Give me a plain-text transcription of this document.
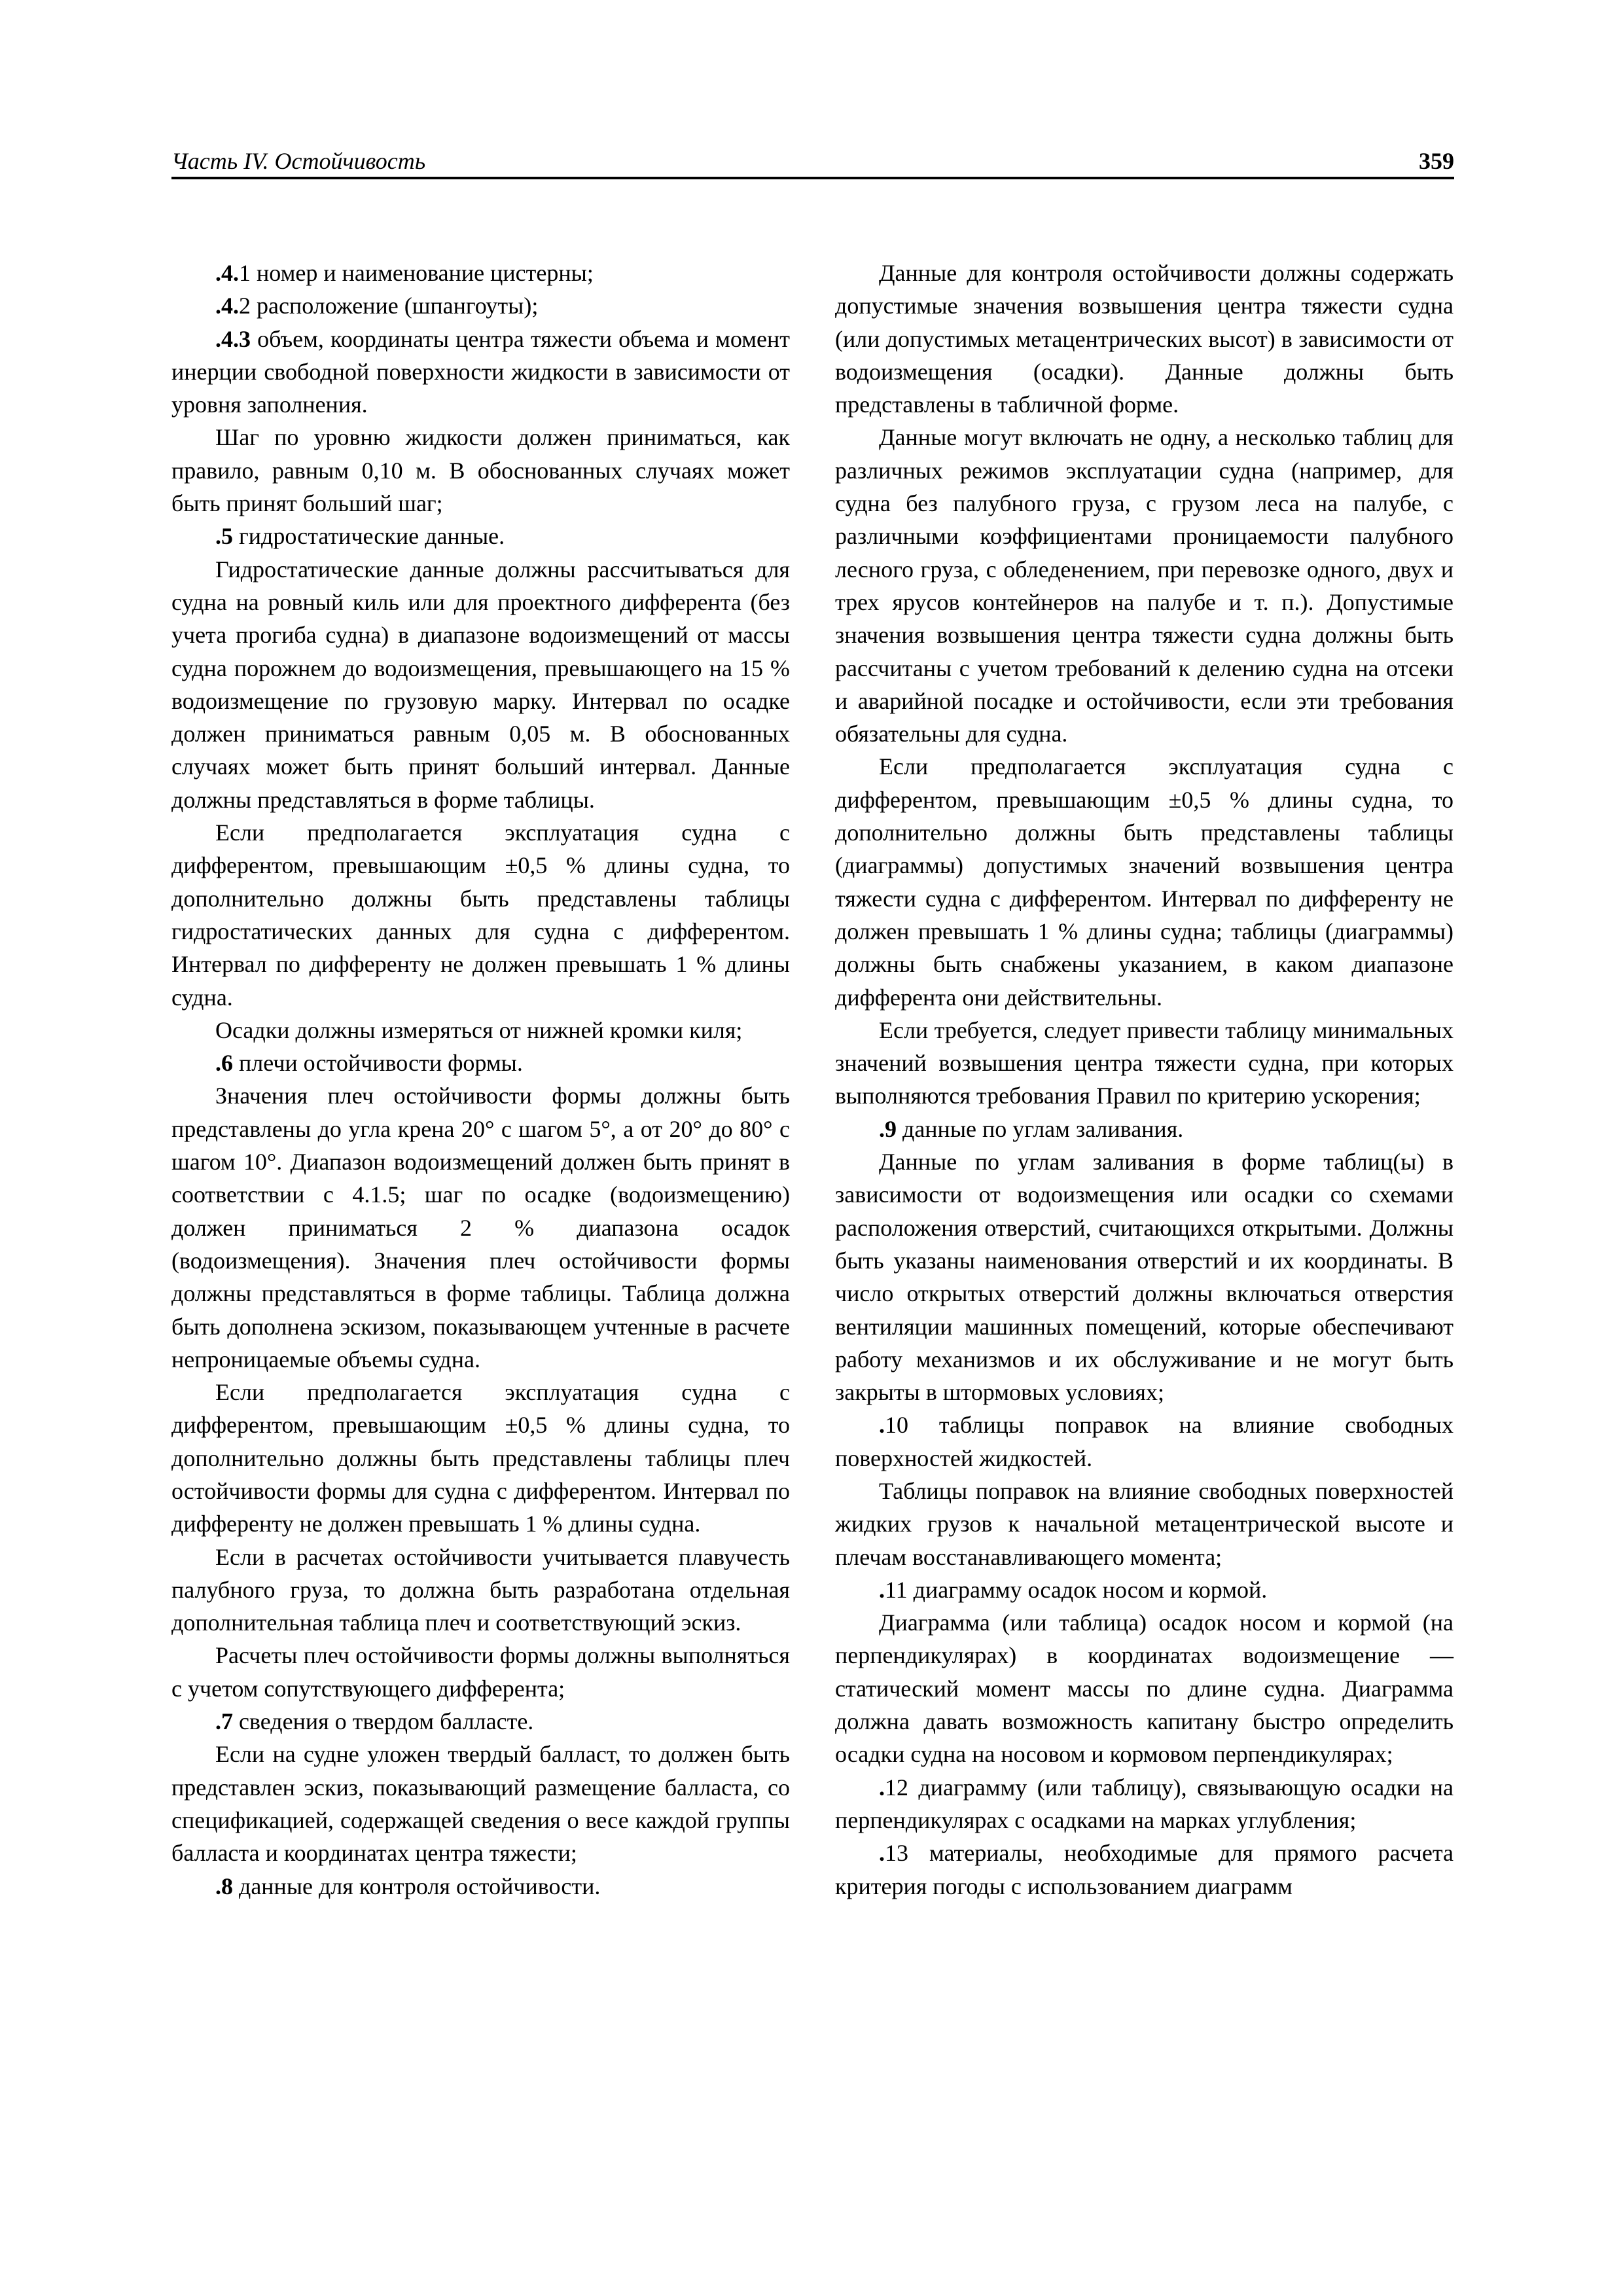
Часть IV. Остойчивость	359

.4.1 номер и наименование цистерны;

.4.2 расположение (шпангоуты);

.4.3 объем, координаты центра тяжести объема и момент инерции свободной поверхности жидкости в зависимости от уровня заполнения.

Шаг по уровню жидкости должен приниматься, как правило, равным 0,10 м. В обоснованных случаях может быть принят больший шаг;

.5 гидростатические данные.

Гидростатические данные должны рассчитываться для судна на ровный киль или для проектного дифферента (без учета прогиба судна) в диапазоне водоизмещений от массы судна порожнем до водоизмещения, превышающего на 15 % водоизмещение по грузовую марку. Интервал по осадке должен приниматься равным 0,05 м. В обоснованных случаях может быть принят больший интервал. Данные должны представляться в форме таблицы.

Если предполагается эксплуатация судна с дифферентом, превышающим ±0,5 % длины судна, то дополнительно должны быть представлены таблицы гидростатических данных для судна с дифферентом. Интервал по дифференту не должен превышать 1 % длины судна.

Осадки должны измеряться от нижней кромки киля;

.6 плечи остойчивости формы.

Значения плеч остойчивости формы должны быть представлены до угла крена 20° с шагом 5°, а от 20° до 80° с шагом 10°. Диапазон водоизмещений должен быть принят в соответствии с 4.1.5; шаг по осадке (водоизмещению) должен приниматься 2 % диапазона осадок (водоизмещения). Значения плеч остойчивости формы должны представляться в форме таблицы. Таблица должна быть дополнена эскизом, показывающем учтенные в расчете непроницаемые объемы судна.

Если предполагается эксплуатация судна с дифферентом, превышающим ±0,5 % длины судна, то дополнительно должны быть представлены таблицы плеч остойчивости формы для судна с дифферентом. Интервал по дифференту не должен превышать 1 % длины судна.

Если в расчетах остойчивости учитывается плавучесть палубного груза, то должна быть разработана отдельная дополнительная таблица плеч и соответствующий эскиз.

Расчеты плеч остойчивости формы должны выполняться с учетом сопутствующего дифферента;

.7 сведения о твердом балласте.

Если на судне уложен твердый балласт, то должен быть представлен эскиз, показывающий размещение балласта, со спецификацией, содержащей сведения о весе каждой группы балласта и координатах центра тяжести;

.8 данные для контроля остойчивости.

Данные для контроля остойчивости должны содержать допустимые значения возвышения центра тяжести судна (или допустимых метацентрических высот) в зависимости от водоизмещения (осадки). Данные должны быть представлены в табличной форме.

Данные могут включать не одну, а несколько таблиц для различных режимов эксплуатации судна (например, для судна без палубного груза, с грузом леса на палубе, с различными коэффициентами проницаемости палубного лесного груза, с обледенением, при перевозке одного, двух и трех ярусов контейнеров на палубе и т. п.). Допустимые значения возвышения центра тяжести судна должны быть рассчитаны с учетом требований к делению судна на отсеки и аварийной посадке и остойчивости, если эти требования обязательны для судна.

Если предполагается эксплуатация судна с дифферентом, превышающим ±0,5 % длины судна, то дополнительно должны быть представлены таблицы (диаграммы) допустимых значений возвышения центра тяжести судна с дифферентом. Интервал по дифференту не должен превышать 1 % длины судна; таблицы (диаграммы) должны быть снабжены указанием, в каком диапазоне дифферента они действительны.

Если требуется, следует привести таблицу минимальных значений возвышения центра тяжести судна, при которых выполняются требования Правил по критерию ускорения;

.9 данные по углам заливания.

Данные по углам заливания в форме таблиц(ы) в зависимости от водоизмещения или осадки со схемами расположения отверстий, считающихся открытыми. Должны быть указаны наименования отверстий и их координаты. В число открытых отверстий должны включаться отверстия вентиляции машинных помещений, которые обеспечивают работу механизмов и их обслуживание и не могут быть закрыты в штормовых условиях;

.10 таблицы поправок на влияние свободных поверхностей жидкостей.

Таблицы поправок на влияние свободных поверхностей жидких грузов к начальной метацентрической высоте и плечам восстанавливающего момента;

.11 диаграмму осадок носом и кормой.

Диаграмма (или таблица) осадок носом и кормой (на перпендикулярах) в координатах водоизмещение — статический момент массы по длине судна. Диаграмма должна давать возможность капитану быстро определить осадки судна на носовом и кормовом перпендикулярах;

.12 диаграмму (или таблицу), связывающую осадки на перпендикулярах с осадками на марках углубления;

.13 материалы, необходимые для прямого расчета критерия погоды с использованием диаграмм
